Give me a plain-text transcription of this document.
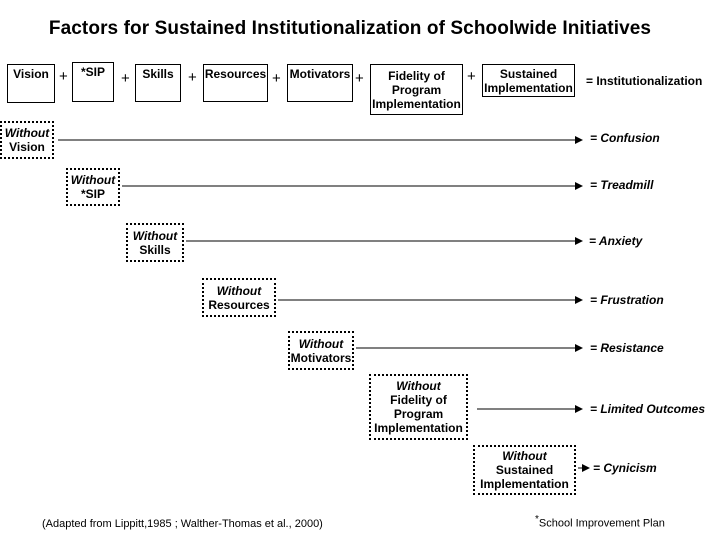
Factors for Sustained Institutionalization of Schoolwide Initiatives
Vision + *SIP + Skills + Resources + Motivators +	Fidelity of
Program
Implementation
+	Sustained
Implementation = Institutionalization
Without
Vision
= Confusion
Without
*SIP
= Treadmill
Without
Skills
= Anxiety
Without
Resources	= Frustration
Without
Motivators
= Resistance
Without
Fidelity of
Program
Implementation
= Limited Outcomes
Without
Sustained
Implementation
= Cynicism
(Adapted from Lippitt,1985 ; Walther-Thomas et al., 2000)	*School Improvement Plan
